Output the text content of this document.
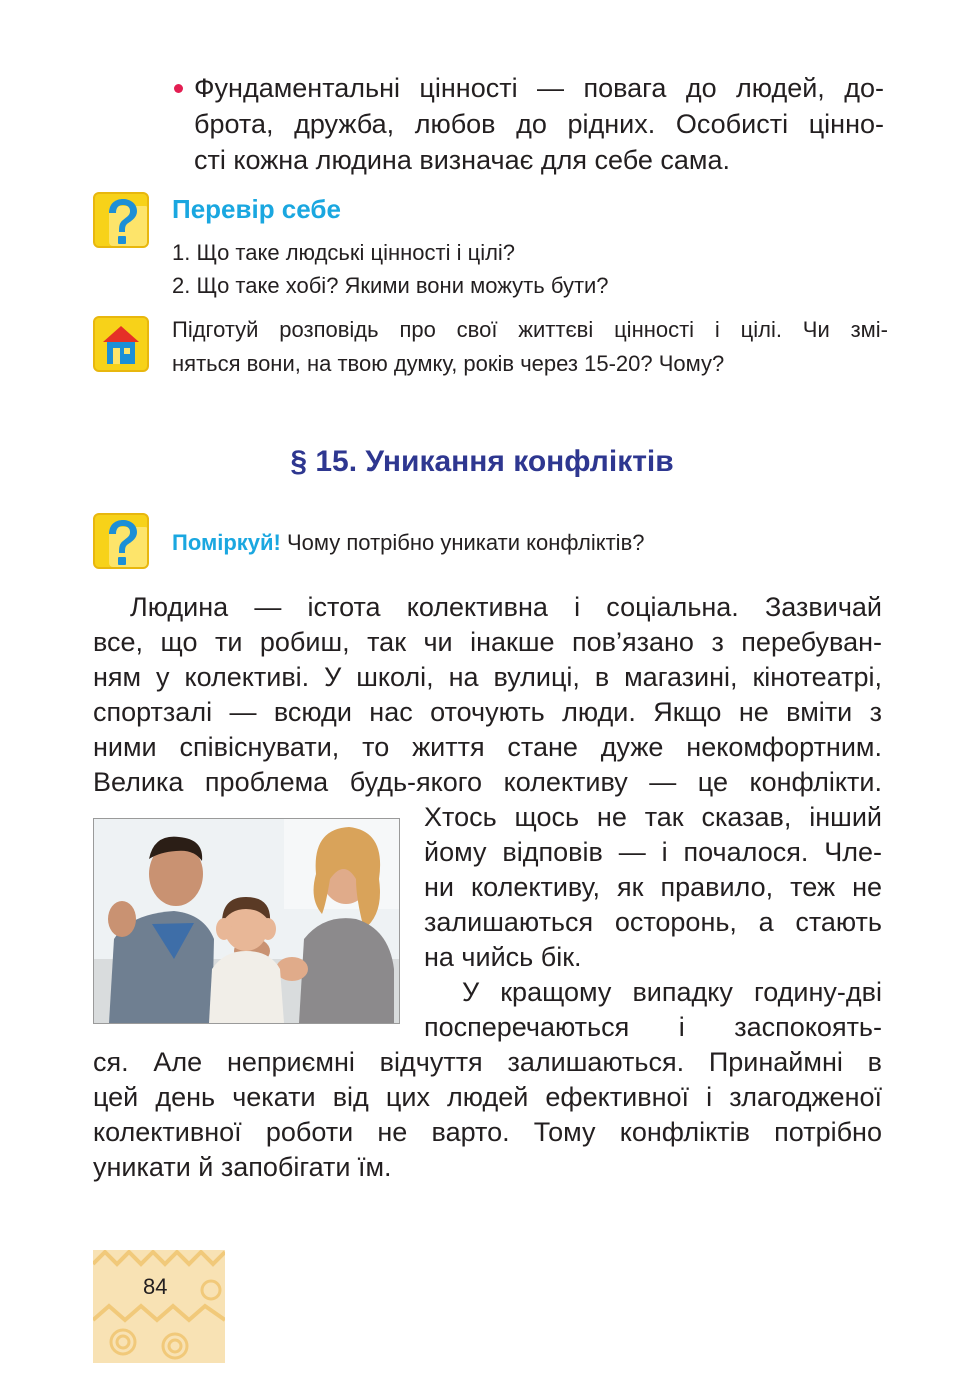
Фундаментальні цінності — повага до людей, до-
брота, дружба, любов до рідних. Особисті цінно-
сті кожна людина визначає для себе сама.
Перевір себе
1. Що таке людські цінності і цілі?
2. Що таке хобі? Якими вони можуть бути?
Підготуй розповідь про свої життєві цінності і цілі. Чи змі-
няться вони, на твою думку, років через 15-20? Чому?
§ 15. Уникання конфліктів
Поміркуй! Чому потрібно уникати конфліктів?
Людина — істота колективна і соціальна. Зазвичай
все, що ти робиш, так чи інакше пов’язано з перебуван-
ням у колективі. У школі, на вулиці, в магазині, кінотеатрі,
спортзалі — всюди нас оточують люди. Якщо не вміти з
ними співіснувати, то життя стане дуже некомфортним.
Велика проблема будь-якого колективу — це конфлікти.
Хтось щось не так сказав, інший
йому відповів — і почалося. Чле-
ни колективу, як правило, теж не
залишаються осторонь, а стають
на чийсь бік.
У кращому випадку годину-дві
посперечаються і заспокоять-
ся. Але неприємні відчуття залишаються. Принаймні в
цей день чекати від цих людей ефективної і злагодженої
колективної роботи не варто. Тому конфліктів потрібно
уникати й запобігати їм.
84
